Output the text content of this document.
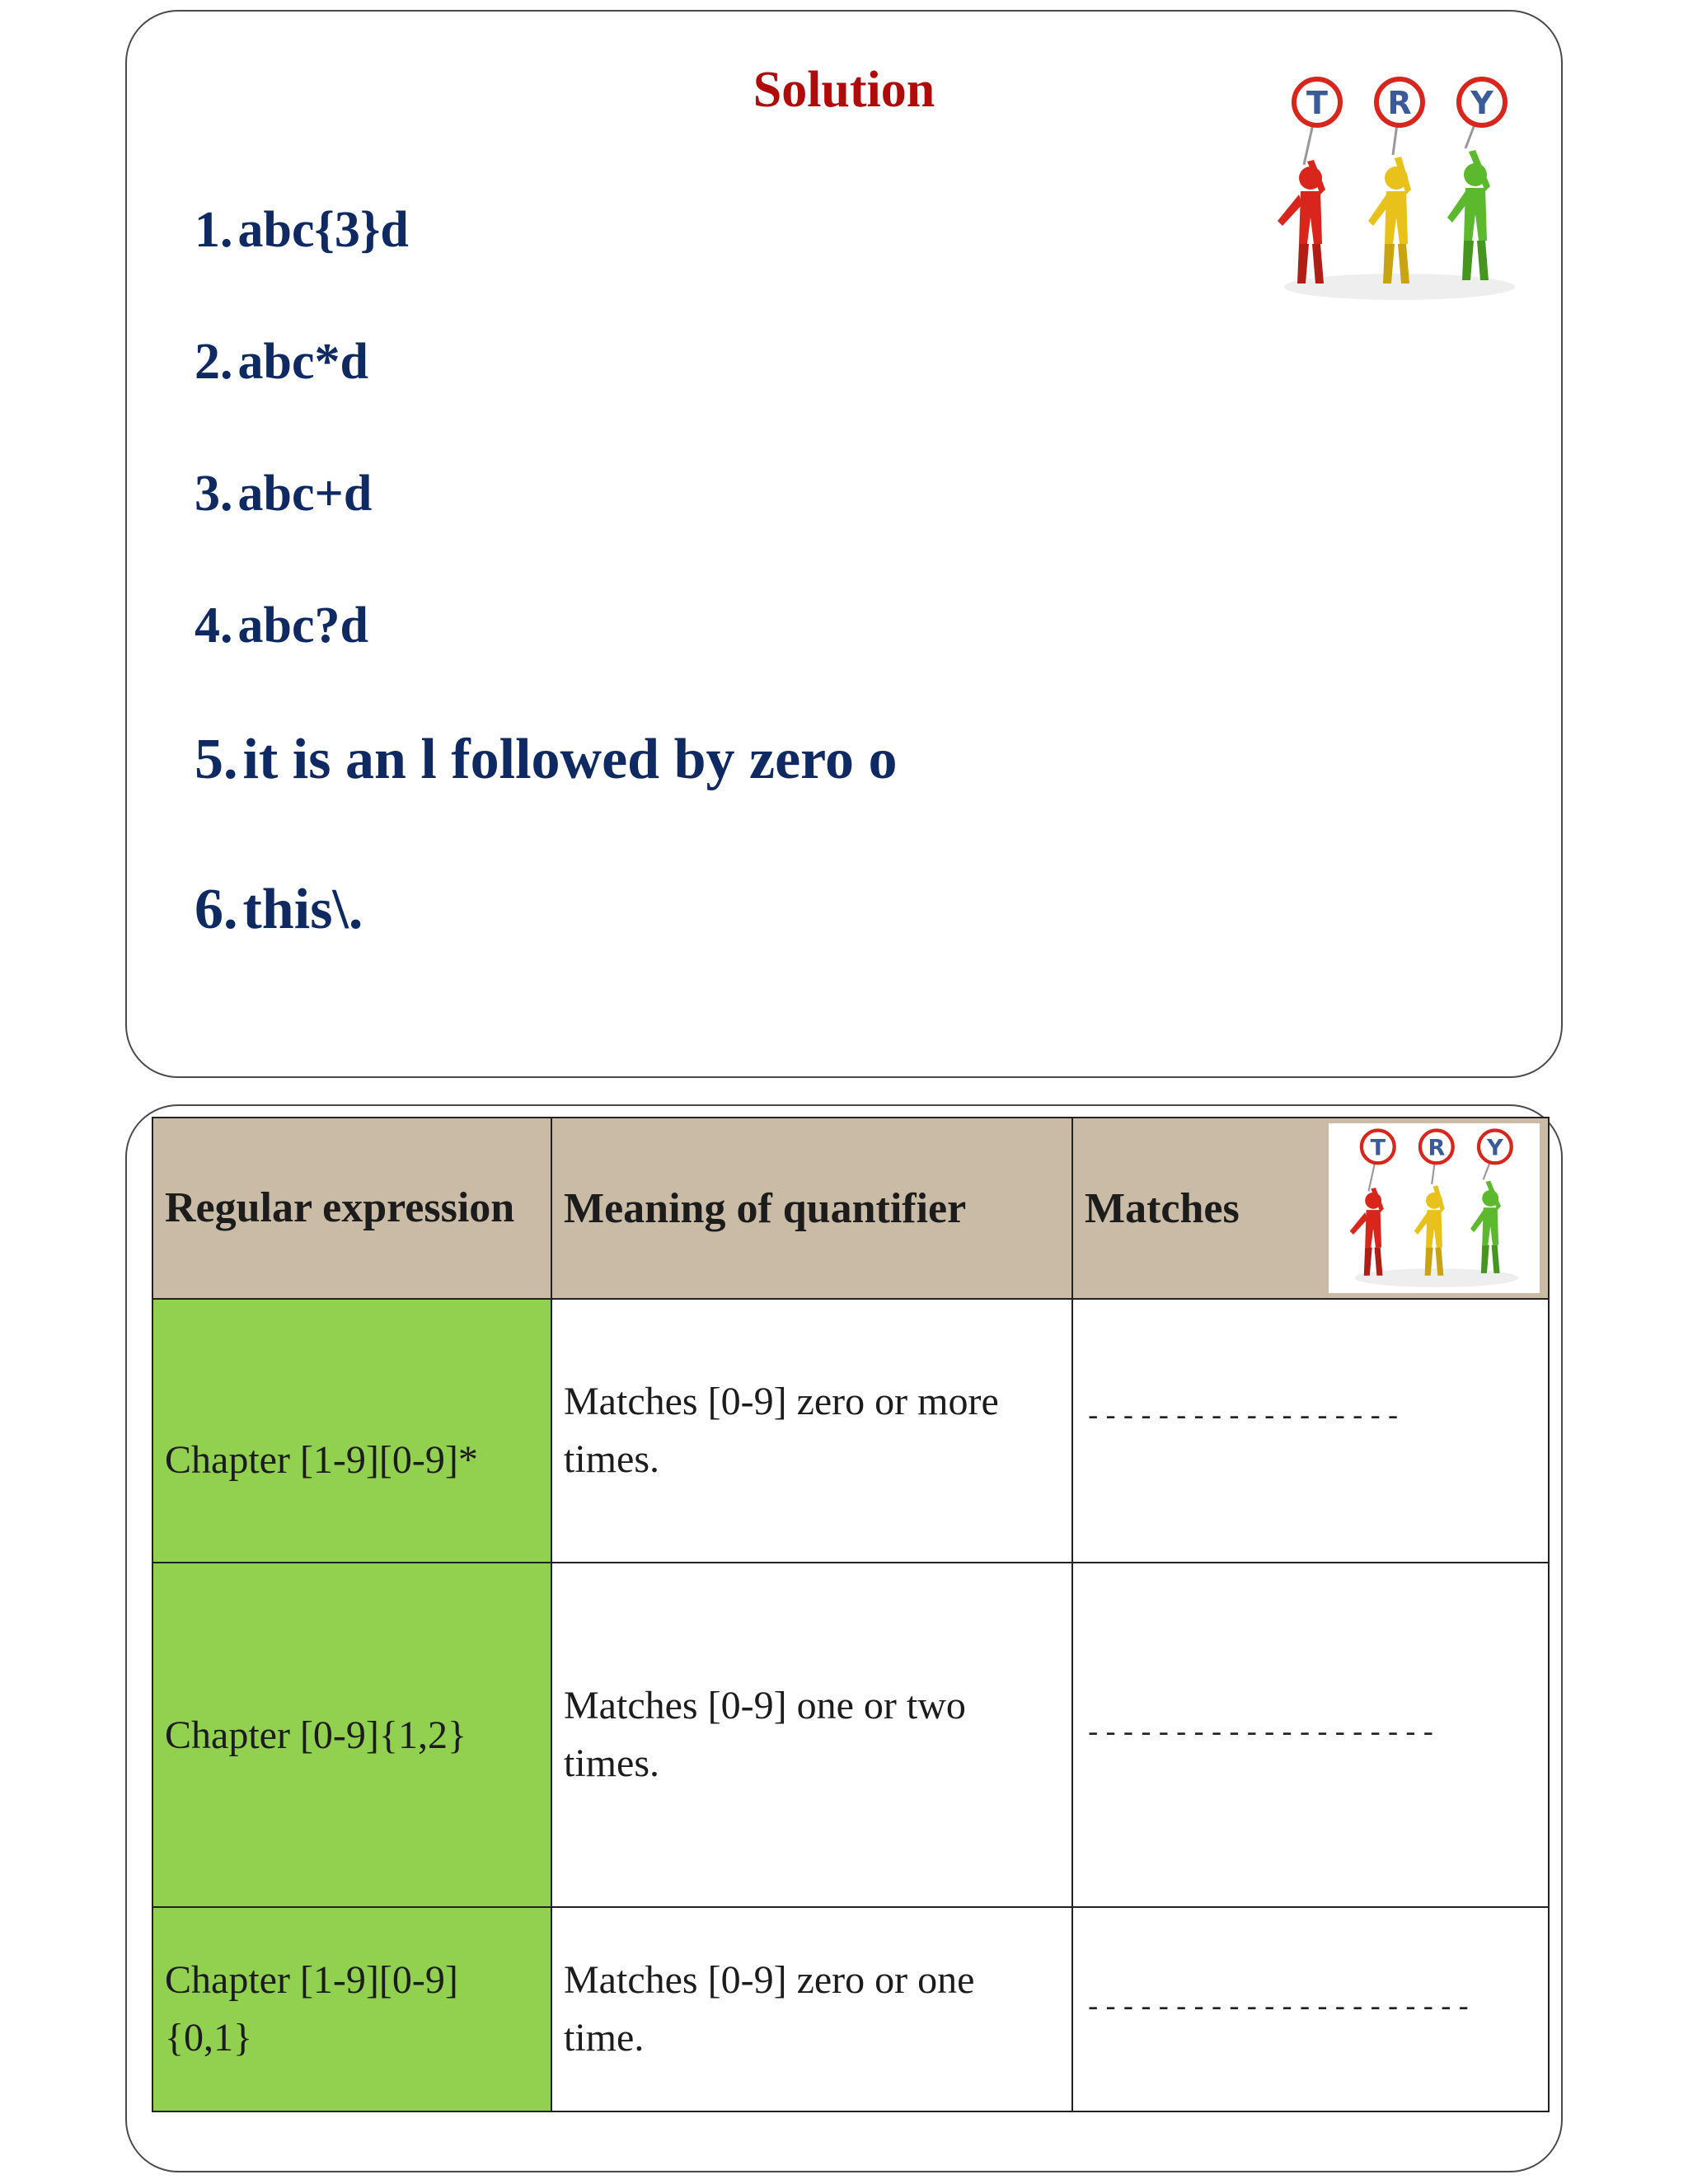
Solution
1.abc{3}d
2.abc*d
3.abc+d
4.abc?d
5.it is an l followed by zero o
6.this\.
T	R	Y
Regular expression	Meaning of quantifier	Matches
T R Y

Chapter [1-9][0-9]*	Matches [0-9] zero or more times.	------------------
Chapter [0-9]{1,2}	Matches [0-9] one or two times.	--------------------
Chapter [1-9][0-9]{0,1}	Matches [0-9] zero or one time.	----------------------
